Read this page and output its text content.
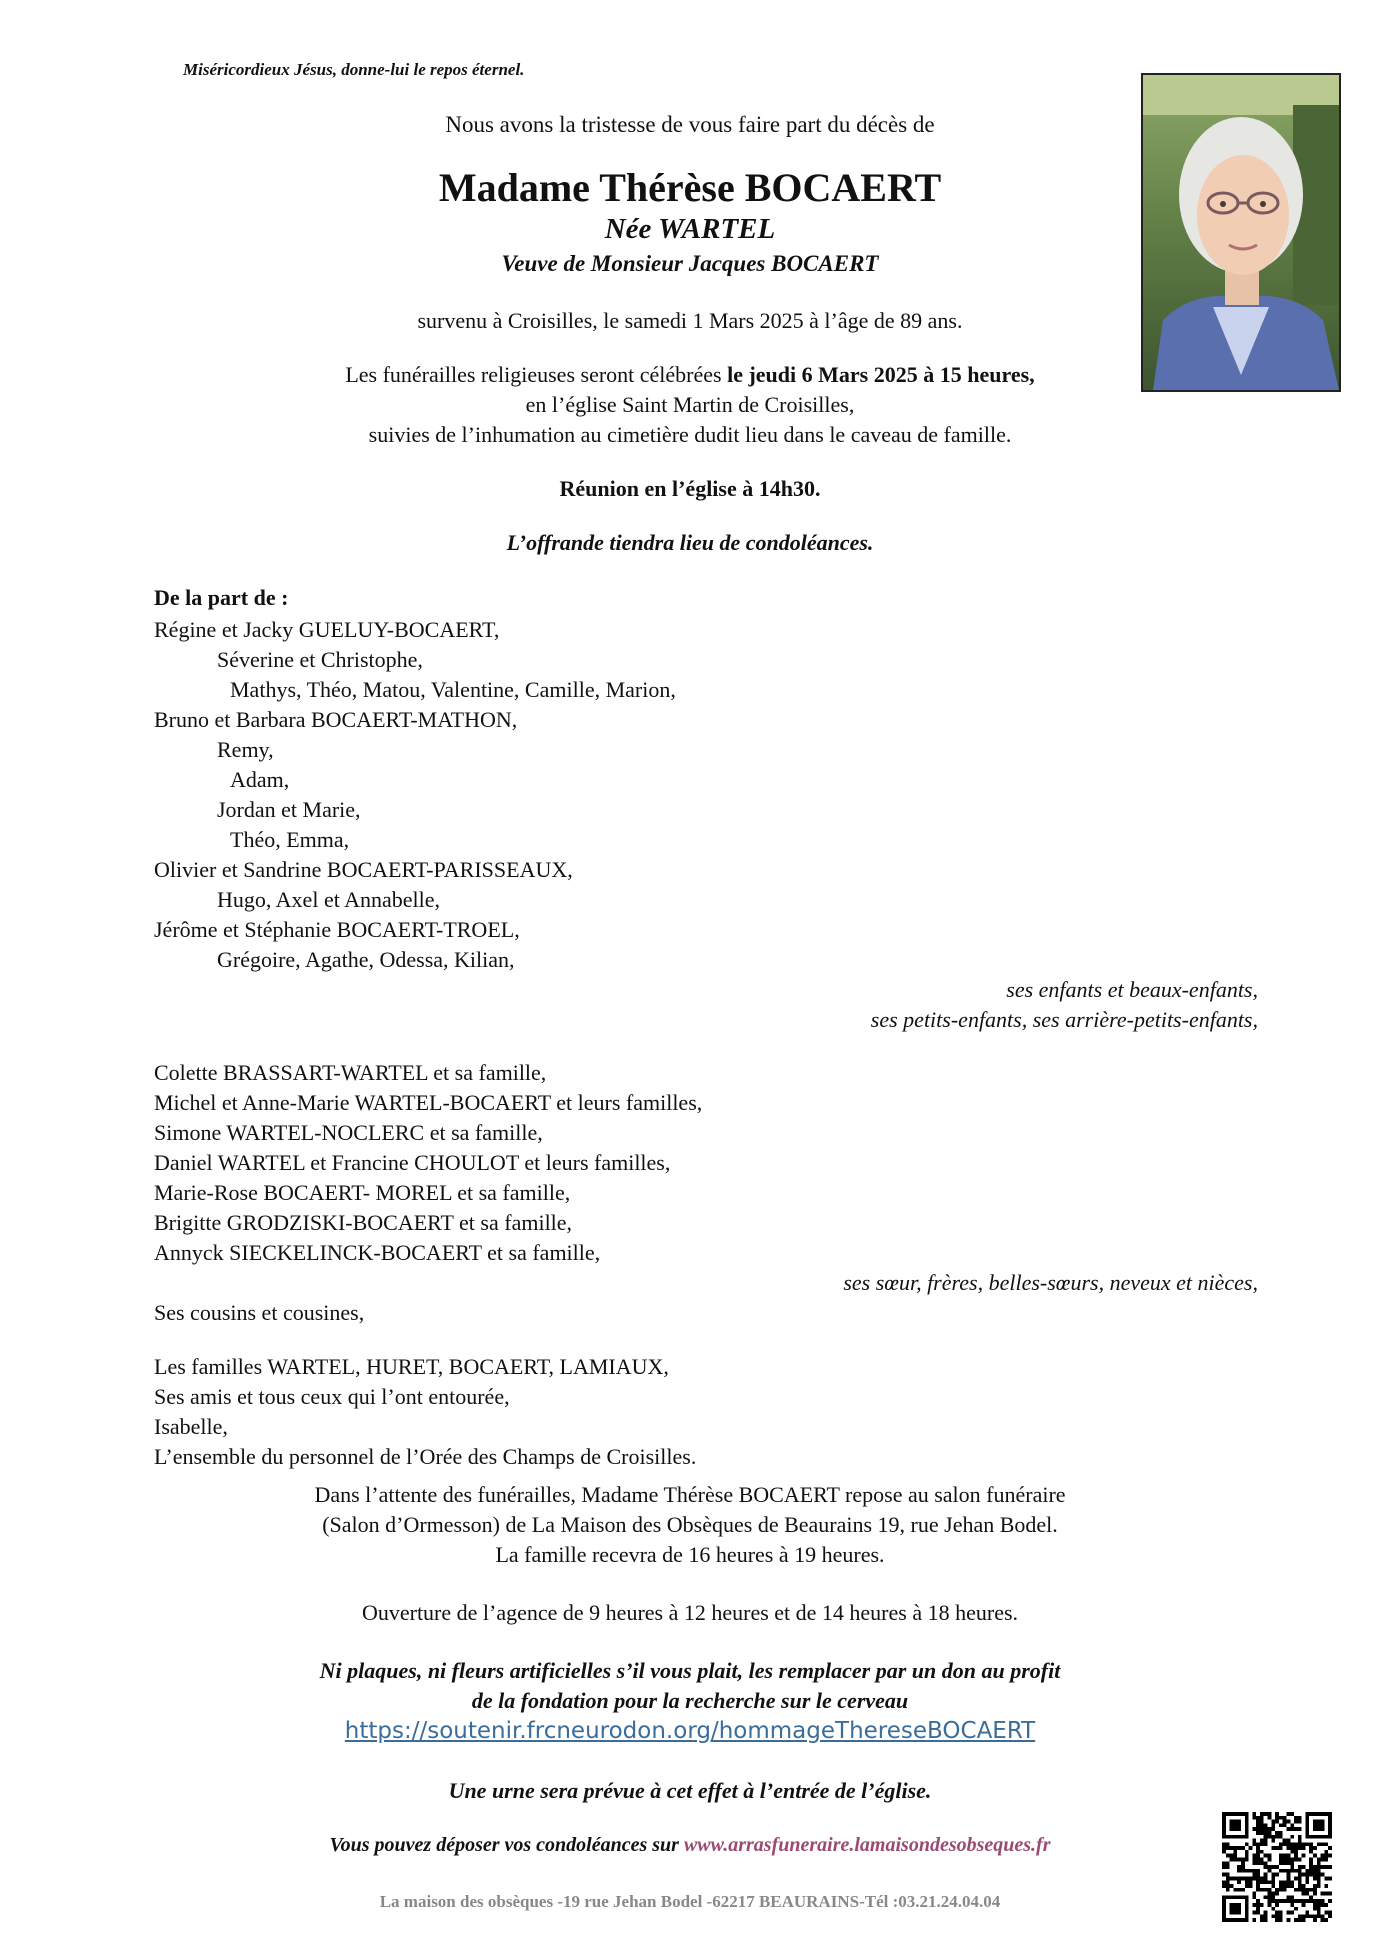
Miséricordieux Jésus, donne-lui le repos éternel.
Nous avons la tristesse de vous faire part du décès de
Madame Thérèse BOCAERT
Née WARTEL
Veuve de Monsieur Jacques BOCAERT
survenu à Croisilles, le samedi 1 Mars 2025 à l’âge de 89 ans.
Les funérailles religieuses seront célébrées le jeudi 6 Mars 2025 à 15 heures,
en l’église Saint Martin de Croisilles,
suivies de l’inhumation au cimetière dudit lieu dans le caveau de famille.
Réunion en l’église à 14h30.
L’offrande tiendra lieu de condoléances.
De la part de :
Régine et Jacky GUELUY-BOCAERT,
Séverine et Christophe,
Mathys, Théo, Matou, Valentine, Camille, Marion,
Bruno et Barbara BOCAERT-MATHON,
Remy,
Adam,
Jordan et Marie,
Théo, Emma,
Olivier et Sandrine BOCAERT-PARISSEAUX,
Hugo, Axel et Annabelle,
Jérôme et Stéphanie BOCAERT-TROEL,
Grégoire, Agathe, Odessa, Kilian,
ses enfants et beaux-enfants,
ses petits-enfants, ses arrière-petits-enfants,
Colette BRASSART-WARTEL et sa famille,
Michel et Anne-Marie WARTEL-BOCAERT et leurs familles,
Simone WARTEL-NOCLERC et sa famille,
Daniel WARTEL et Francine CHOULOT et leurs familles,
Marie-Rose BOCAERT- MOREL et sa famille,
Brigitte GRODZISKI-BOCAERT et sa famille,
Annyck SIECKELINCK-BOCAERT et sa famille,
ses sœur, frères, belles-sœurs, neveux et nièces,
Ses cousins et cousines,
Les familles WARTEL, HURET, BOCAERT, LAMIAUX,
Ses amis et tous ceux qui l’ont entourée,
Isabelle,
L’ensemble du personnel de l’Orée des Champs de Croisilles.
Dans l’attente des funérailles, Madame Thérèse BOCAERT repose au salon funéraire
(Salon d’Ormesson) de La Maison des Obsèques de Beaurains 19, rue Jehan Bodel.
La famille recevra de 16 heures à 19 heures.
Ouverture de l’agence de 9 heures à 12 heures et de 14 heures à 18 heures.
Ni plaques, ni fleurs artificielles s’il vous plait, les remplacer par un don au profit
de la fondation pour la recherche sur le cerveau
https://soutenir.frcneurodon.org/hommageThereseBOCAERT
Une urne sera prévue à cet effet à l’entrée de l’église.
Vous pouvez déposer vos condoléances sur www.arrasfuneraire.lamaisondesobseques.fr
La maison des obsèques -19 rue Jehan Bodel -62217 BEAURAINS-Tél :03.21.24.04.04
